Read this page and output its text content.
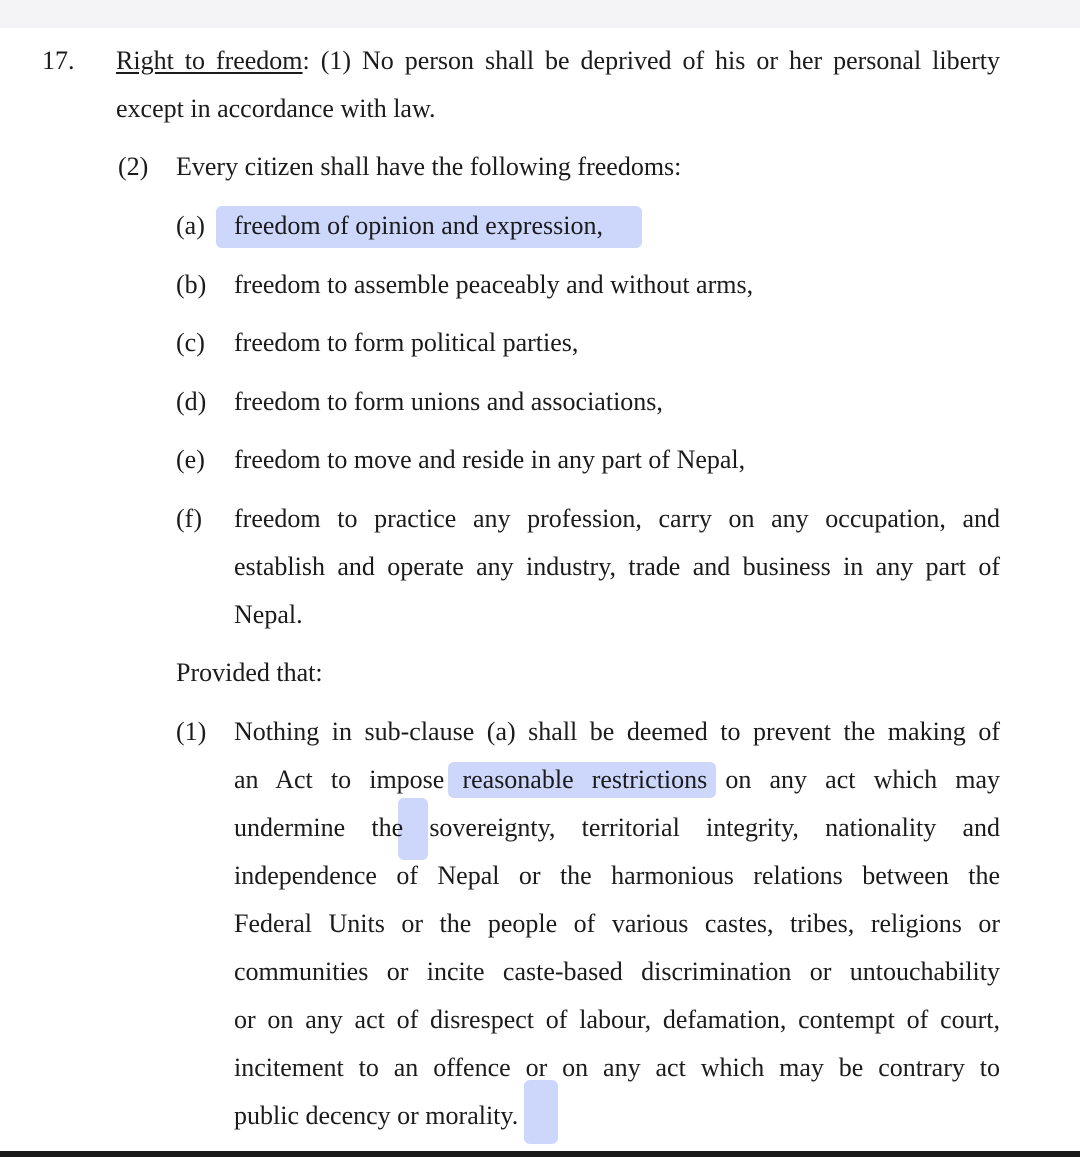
17. Right to freedom: (1) No person shall be deprived of his or her personal liberty
except in accordance with law.
(2) Every citizen shall have the following freedoms:
(a) freedom of opinion and expression,
(b) freedom to assemble peaceably and without arms,
(c) freedom to form political parties,
(d) freedom to form unions and associations,
(e) freedom to move and reside in any part of Nepal,
(f) freedom to practice any profession, carry on any occupation, and
establish and operate any industry, trade and business in any part of
Nepal.
Provided that:
(1) Nothing in sub-clause (a) shall be deemed to prevent the making of
an Act to impose reasonable restrictions on any act which may
undermine the sovereignty, territorial integrity, nationality and
independence of Nepal or the harmonious relations between the
Federal Units or the people of various castes, tribes, religions or
communities or incite caste-based discrimination or untouchability
or on any act of disrespect of labour, defamation, contempt of court,
incitement to an offence or on any act which may be contrary to
public decency or morality.
